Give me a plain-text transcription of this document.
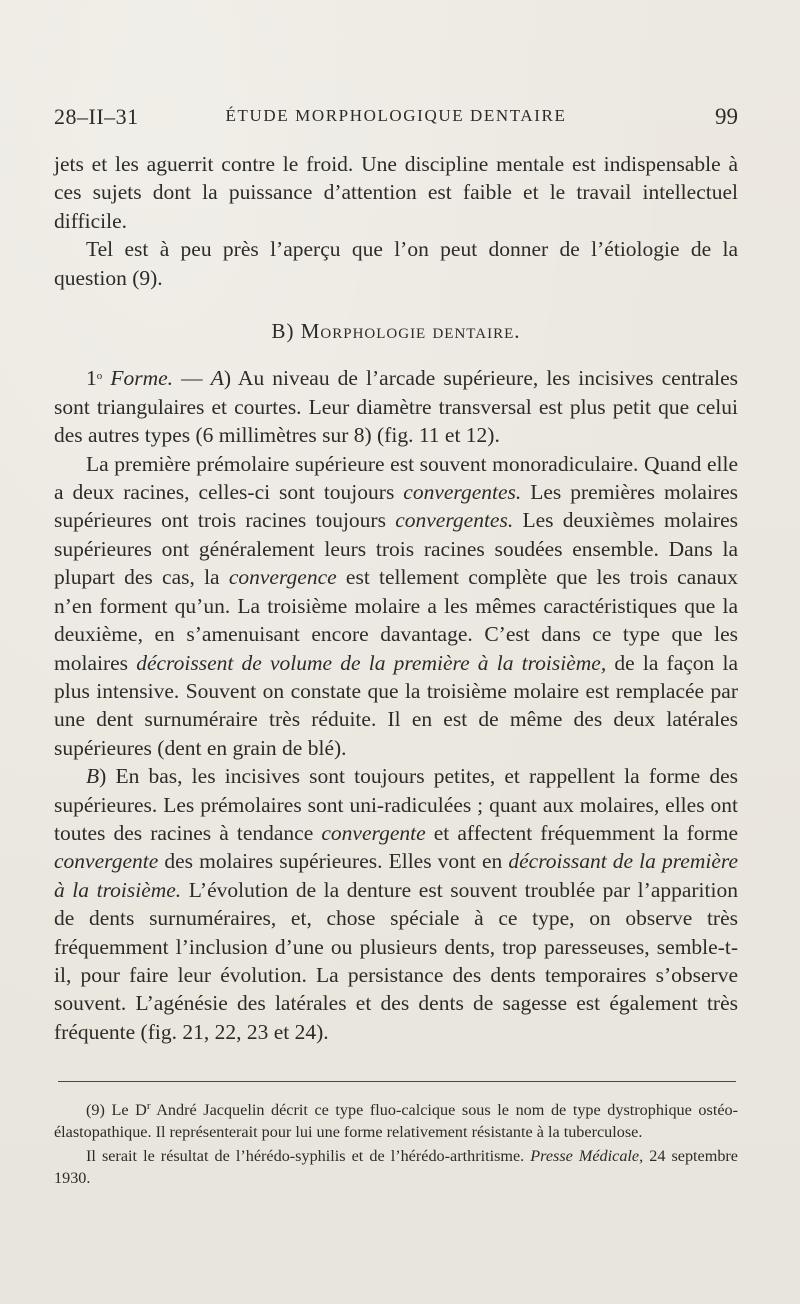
28–II–31	ÉTUDE MORPHOLOGIQUE DENTAIRE	99

jets et les aguerrit contre le froid. Une discipline mentale est indispensable à ces sujets dont la puissance d’attention est faible et le travail intellectuel difficile.

Tel est à peu près l’aperçu que l’on peut donner de l’étiologie de la question (9).

B) Morphologie dentaire.

1$^o$ Forme. — A) Au niveau de l’arcade supérieure, les incisives centrales sont triangulaires et courtes. Leur diamètre transversal est plus petit que celui des autres types (6 millimètres sur 8) (fig. 11 et 12).

La première prémolaire supérieure est souvent monoradiculaire. Quand elle a deux racines, celles-ci sont toujours convergentes. Les premières molaires supérieures ont trois racines toujours convergentes. Les deuxièmes molaires supérieures ont généralement leurs trois racines soudées ensemble. Dans la plupart des cas, la convergence est tellement complète que les trois canaux n’en forment qu’un. La troisième molaire a les mêmes caractéristiques que la deuxième, en s’amenuisant encore davantage. C’est dans ce type que les molaires décroissent de volume de la première à la troisième, de la façon la plus intensive. Souvent on constate que la troisième molaire est remplacée par une dent surnuméraire très réduite. Il en est de même des deux latérales supérieures (dent en grain de blé).

B) En bas, les incisives sont toujours petites, et rappellent la forme des supérieures. Les prémolaires sont uni-radiculées ; quant aux molaires, elles ont toutes des racines à tendance convergente et affectent fréquemment la forme convergente des molaires supérieures. Elles vont en décroissant de la première à la troisième. L’évolution de la denture est souvent troublée par l’apparition de dents surnuméraires, et, chose spéciale à ce type, on observe très fréquemment l’inclusion d’une ou plusieurs dents, trop paresseuses, semble-t-il, pour faire leur évolution. La persistance des dents temporaires s’observe souvent. L’agénésie des latérales et des dents de sagesse est également très fréquente (fig. 21, 22, 23 et 24).

(9) Le $D^r$ André Jacquelin décrit ce type fluo-calcique sous le nom de type dystrophique ostéo-élastopathique. Il représenterait pour lui une forme relativement résistante à la tuberculose.

Il serait le résultat de l’hérédo-syphilis et de l’hérédo-arthritisme. Presse Médicale, 24 septembre 1930.
